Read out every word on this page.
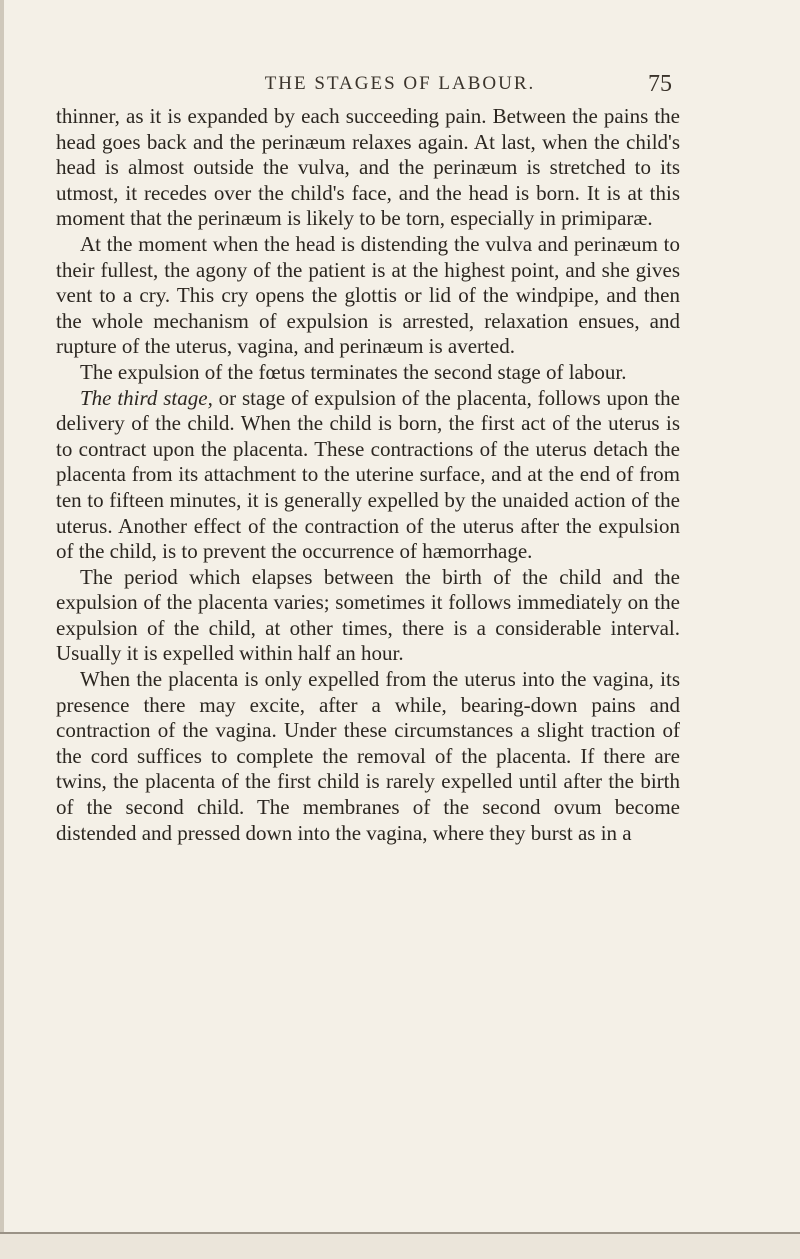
THE STAGES OF LABOUR.	75

thinner, as it is expanded by each succeeding pain. Between the pains the head goes back and the perinæum relaxes again. At last, when the child's head is almost outside the vulva, and the perinæum is stretched to its utmost, it recedes over the child's face, and the head is born. It is at this moment that the perinæum is likely to be torn, especially in primiparæ.

At the moment when the head is distending the vulva and perinæum to their fullest, the agony of the patient is at the highest point, and she gives vent to a cry. This cry opens the glottis or lid of the windpipe, and then the whole mechanism of expulsion is arrested, relaxation ensues, and rupture of the uterus, vagina, and perinæum is averted.

The expulsion of the fœtus terminates the second stage of labour.

The third stage, or stage of expulsion of the placenta, follows upon the delivery of the child. When the child is born, the first act of the uterus is to contract upon the placenta. These contractions of the uterus detach the placenta from its attachment to the uterine surface, and at the end of from ten to fifteen minutes, it is generally expelled by the unaided action of the uterus. Another effect of the contraction of the uterus after the expulsion of the child, is to prevent the occurrence of hæmorrhage.

The period which elapses between the birth of the child and the expulsion of the placenta varies; sometimes it follows immediately on the expulsion of the child, at other times, there is a considerable interval. Usually it is expelled within half an hour.

When the placenta is only expelled from the uterus into the vagina, its presence there may excite, after a while, bearing-down pains and contraction of the vagina. Under these circumstances a slight traction of the cord suffices to complete the removal of the placenta. If there are twins, the placenta of the first child is rarely expelled until after the birth of the second child. The membranes of the second ovum become distended and pressed down into the vagina, where they burst as in a
